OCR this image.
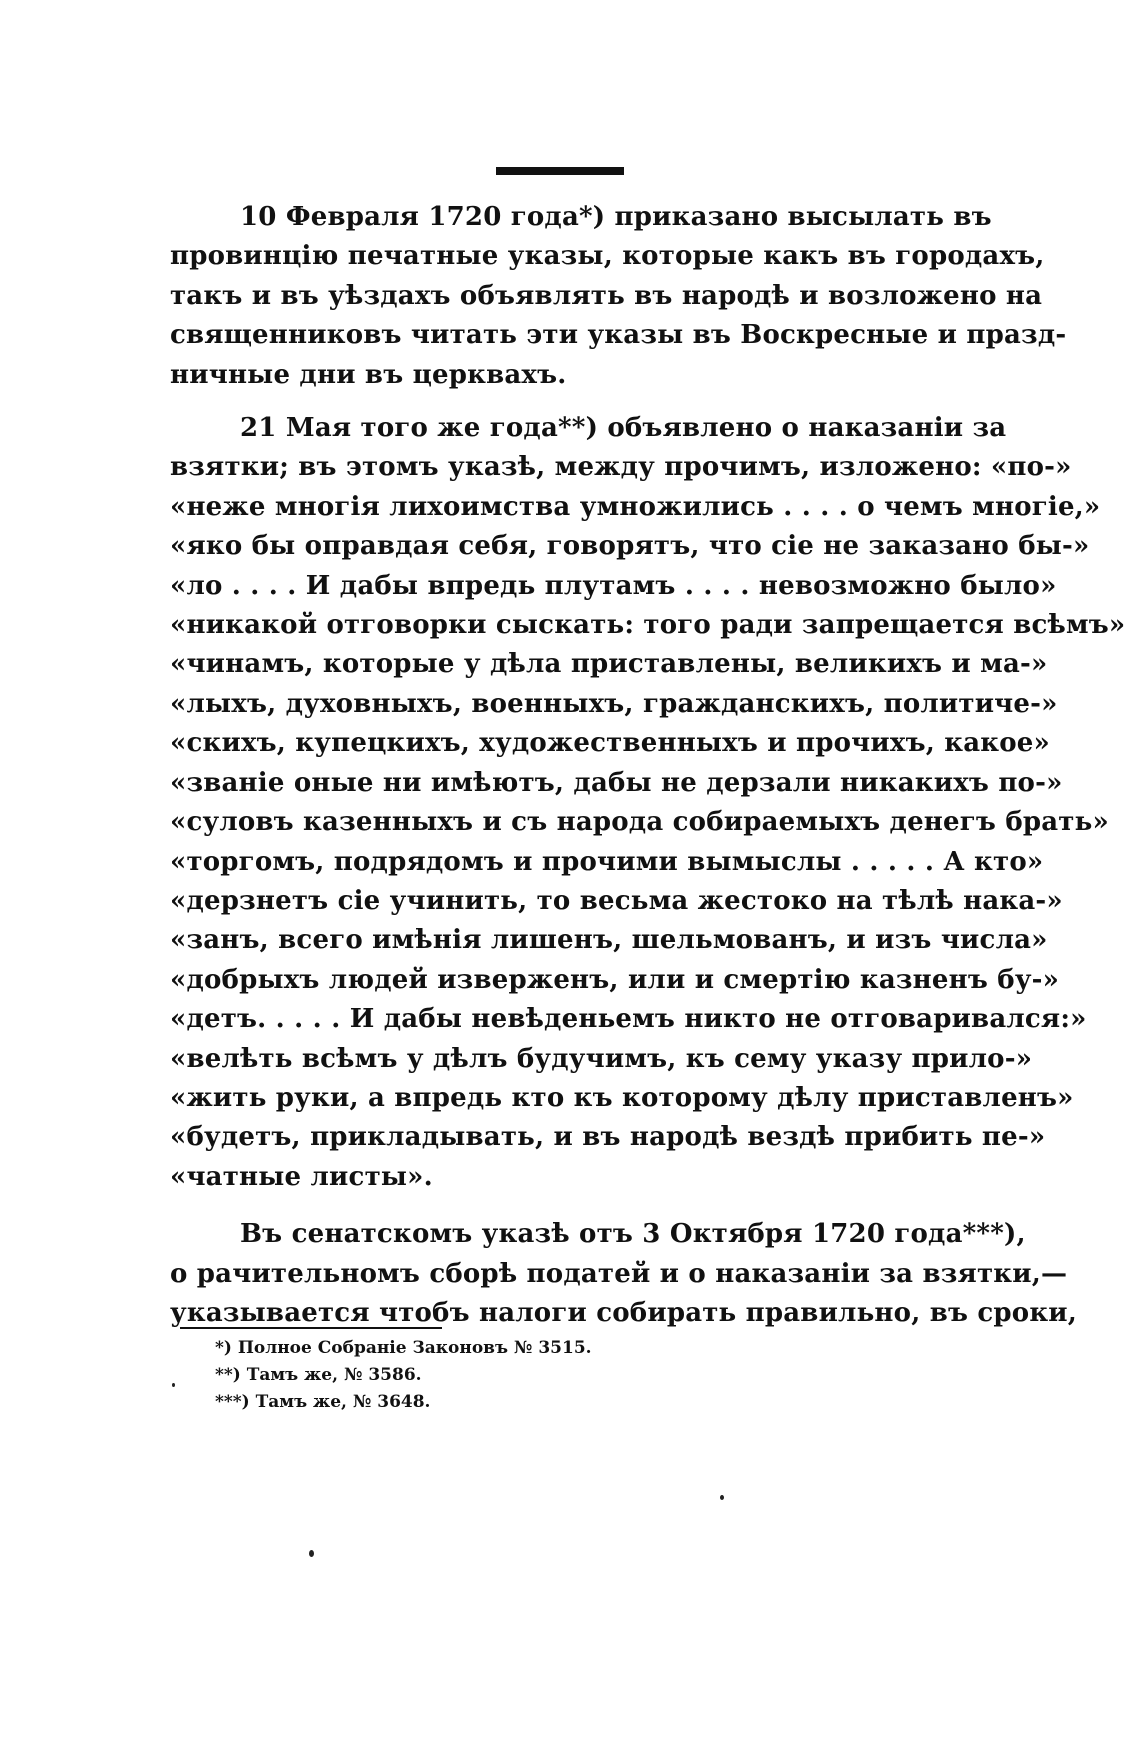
10 Февраля 1720 года*) приказано высылать въ
провинцію печатные указы, которые какъ въ городахъ,
такъ и въ уѣздахъ объявлять въ народѣ и возложено на
священниковъ читать эти указы въ Воскресные и празд-
ничные дни въ церквахъ.
21 Мая того же года**) объявлено о наказаніи за
взятки; въ этомъ указѣ, между прочимъ, изложено: «по-»
«неже многія лихоимства умножились . . . . о чемъ многіе,»
«яко бы оправдая себя, говорятъ, что сіе не заказано бы-»
«ло . . . . И дабы впредь плутамъ . . . . невозможно было»
«никакой отговорки сыскать: того ради запрещается всѣмъ»
«чинамъ, которые у дѣла приставлены, великихъ и ма-»
«лыхъ, духовныхъ, военныхъ, гражданскихъ, политиче-»
«скихъ, купецкихъ, художественныхъ и прочихъ, какое»
«званіе оные ни имѣютъ, дабы не дерзали никакихъ по-»
«суловъ казенныхъ и съ народа собираемыхъ денегъ брать»
«торгомъ, подрядомъ и прочими вымыслы . . . . . А кто»
«дерзнетъ сіе учинить, то весьма жестоко на тѣлѣ нака-»
«занъ, всего имѣнія лишенъ, шельмованъ, и изъ числа»
«добрыхъ людей изверженъ, или и смертію казненъ бу-»
«детъ. . . . . И дабы невѣденьемъ никто не отговаривался:»
«велѣть всѣмъ у дѣлъ будучимъ, къ сему указу прило-»
«жить руки, а впредь кто къ которому дѣлу приставленъ»
«будетъ, прикладывать, и въ народѣ вездѣ прибить пе-»
«чатные листы».
Въ сенатскомъ указѣ отъ 3 Октября 1720 года***),
о рачительномъ сборѣ податей и о наказаніи за взятки,—
указывается чтобъ налоги собирать правильно, въ сроки,
*) Полное Собраніе Законовъ № 3515.
**) Тамъ же, № 3586.
***) Тамъ же, № 3648.
